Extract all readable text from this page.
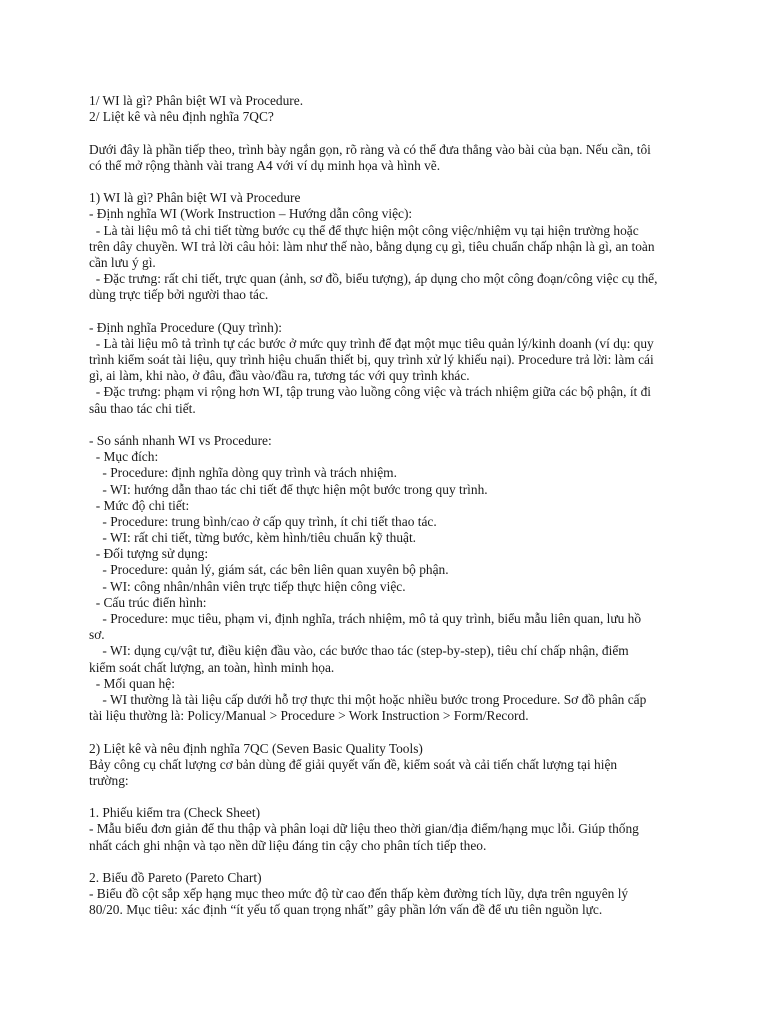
1/ WI là gì? Phân biệt WI và Procedure.
2/ Liệt kê và nêu định nghĩa 7QC?
Dưới đây là phần tiếp theo, trình bày ngắn gọn, rõ ràng và có thể đưa thẳng vào bài của bạn. Nếu cần, tôi
có thể mở rộng thành vài trang A4 với ví dụ minh họa và hình vẽ.
1) WI là gì? Phân biệt WI và Procedure
- Định nghĩa WI (Work Instruction – Hướng dẫn công việc):
- Là tài liệu mô tả chi tiết từng bước cụ thể để thực hiện một công việc/nhiệm vụ tại hiện trường hoặc
trên dây chuyền. WI trả lời câu hỏi: làm như thế nào, bằng dụng cụ gì, tiêu chuẩn chấp nhận là gì, an toàn
cần lưu ý gì.
- Đặc trưng: rất chi tiết, trực quan (ảnh, sơ đồ, biểu tượng), áp dụng cho một công đoạn/công việc cụ thể,
dùng trực tiếp bởi người thao tác.
- Định nghĩa Procedure (Quy trình):
- Là tài liệu mô tả trình tự các bước ở mức quy trình để đạt một mục tiêu quản lý/kinh doanh (ví dụ: quy
trình kiểm soát tài liệu, quy trình hiệu chuẩn thiết bị, quy trình xử lý khiếu nại). Procedure trả lời: làm cái
gì, ai làm, khi nào, ở đâu, đầu vào/đầu ra, tương tác với quy trình khác.
- Đặc trưng: phạm vi rộng hơn WI, tập trung vào luồng công việc và trách nhiệm giữa các bộ phận, ít đi
sâu thao tác chi tiết.
- So sánh nhanh WI vs Procedure:
- Mục đích:
- Procedure: định nghĩa dòng quy trình và trách nhiệm.
- WI: hướng dẫn thao tác chi tiết để thực hiện một bước trong quy trình.
- Mức độ chi tiết:
- Procedure: trung bình/cao ở cấp quy trình, ít chi tiết thao tác.
- WI: rất chi tiết, từng bước, kèm hình/tiêu chuẩn kỹ thuật.
- Đối tượng sử dụng:
- Procedure: quản lý, giám sát, các bên liên quan xuyên bộ phận.
- WI: công nhân/nhân viên trực tiếp thực hiện công việc.
- Cấu trúc điển hình:
- Procedure: mục tiêu, phạm vi, định nghĩa, trách nhiệm, mô tả quy trình, biểu mẫu liên quan, lưu hồ
sơ.
- WI: dụng cụ/vật tư, điều kiện đầu vào, các bước thao tác (step-by-step), tiêu chí chấp nhận, điểm
kiểm soát chất lượng, an toàn, hình minh họa.
- Mối quan hệ:
- WI thường là tài liệu cấp dưới hỗ trợ thực thi một hoặc nhiều bước trong Procedure. Sơ đồ phân cấp
tài liệu thường là: Policy/Manual > Procedure > Work Instruction > Form/Record.
2) Liệt kê và nêu định nghĩa 7QC (Seven Basic Quality Tools)
Bảy công cụ chất lượng cơ bản dùng để giải quyết vấn đề, kiểm soát và cải tiến chất lượng tại hiện
trường:
1. Phiếu kiểm tra (Check Sheet)
- Mẫu biểu đơn giản để thu thập và phân loại dữ liệu theo thời gian/địa điểm/hạng mục lỗi. Giúp thống
nhất cách ghi nhận và tạo nền dữ liệu đáng tin cậy cho phân tích tiếp theo.
2. Biểu đồ Pareto (Pareto Chart)
- Biểu đồ cột sắp xếp hạng mục theo mức độ từ cao đến thấp kèm đường tích lũy, dựa trên nguyên lý
80/20. Mục tiêu: xác định “ít yếu tố quan trọng nhất” gây phần lớn vấn đề để ưu tiên nguồn lực.
